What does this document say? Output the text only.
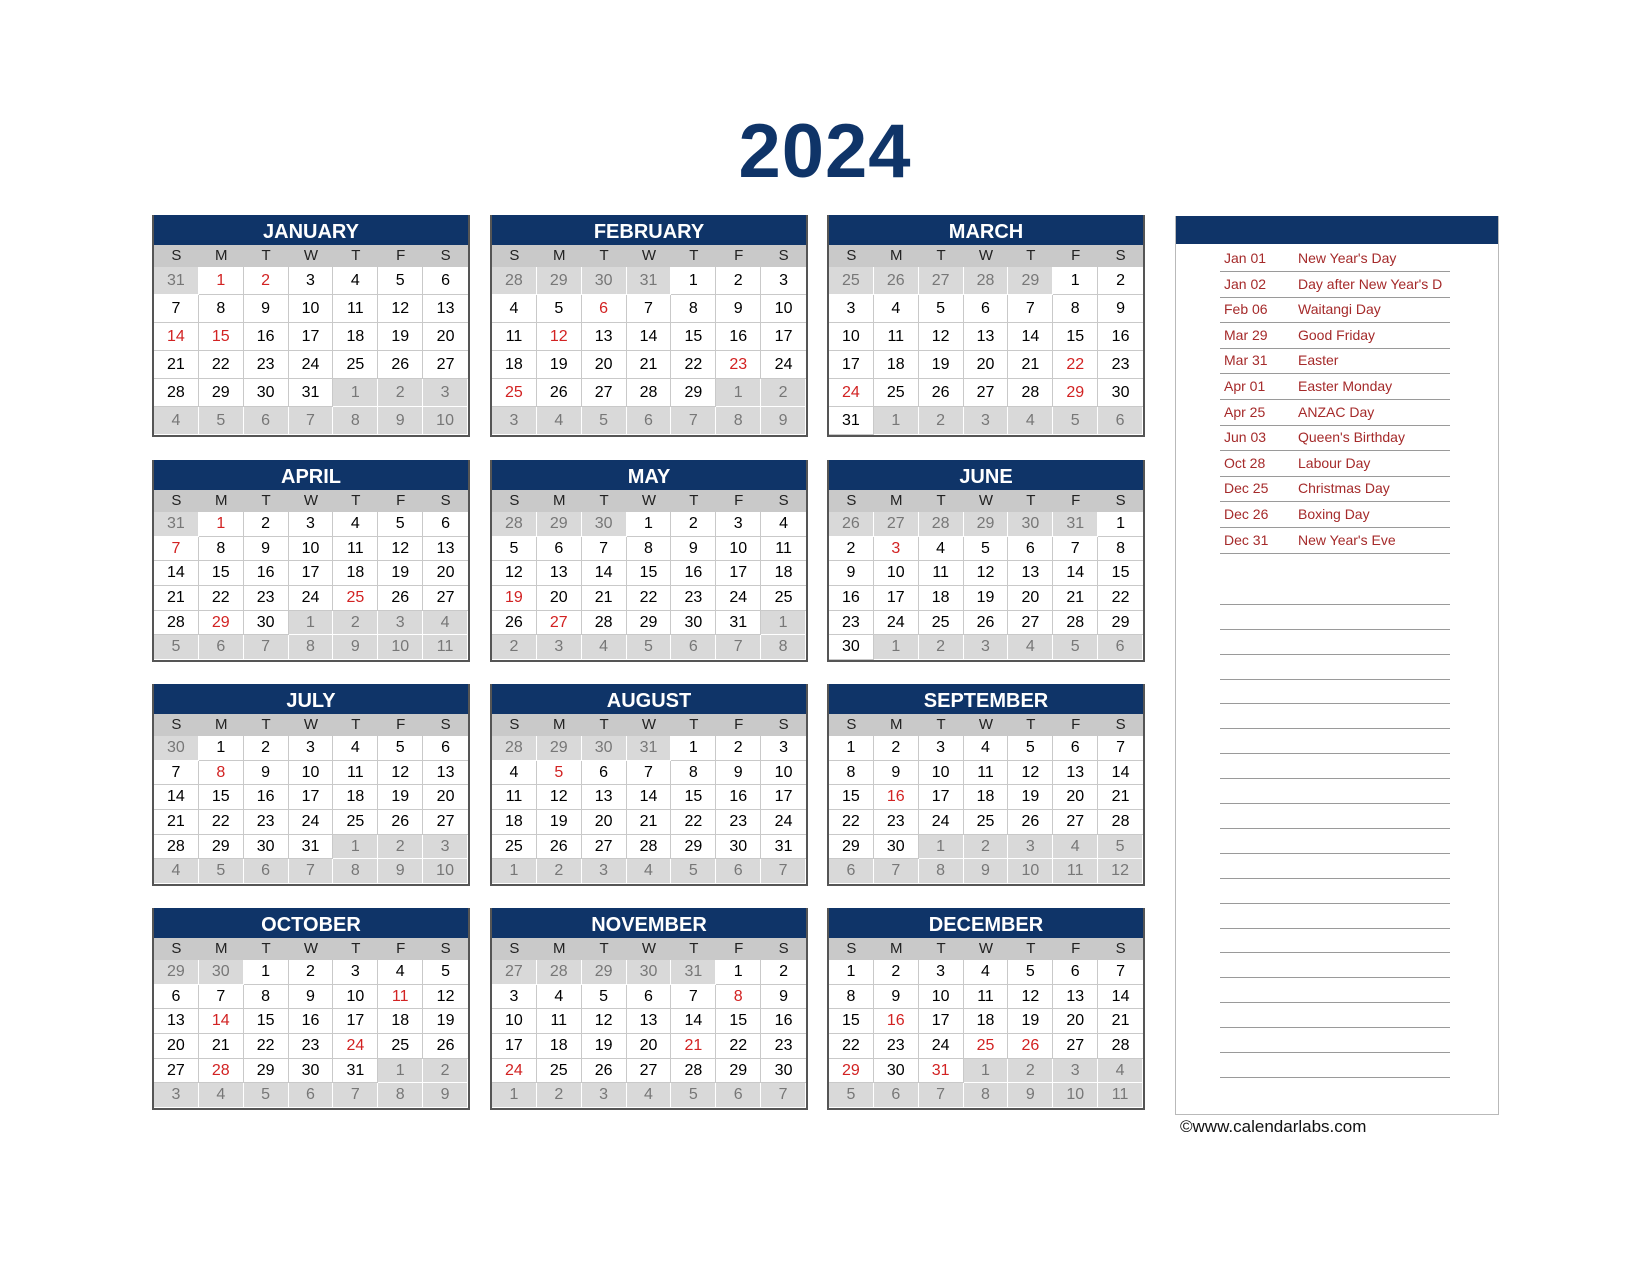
2024
JANUARY
S	M	T	W	T	F	S
31	1	2	3	4	5	6
7	8	9	10	11	12	13
14	15	16	17	18	19	20
21	22	23	24	25	26	27
28	29	30	31	1	2	3
4	5	6	7	8	9	10
FEBRUARY
S	M	T	W	T	F	S
28	29	30	31	1	2	3
4	5	6	7	8	9	10
11	12	13	14	15	16	17
18	19	20	21	22	23	24
25	26	27	28	29	1	2
3	4	5	6	7	8	9
MARCH
S	M	T	W	T	F	S
25	26	27	28	29	1	2
3	4	5	6	7	8	9
10	11	12	13	14	15	16
17	18	19	20	21	22	23
24	25	26	27	28	29	30
31	1	2	3	4	5	6
APRIL
S	M	T	W	T	F	S
31	1	2	3	4	5	6
7	8	9	10	11	12	13
14	15	16	17	18	19	20
21	22	23	24	25	26	27
28	29	30	1	2	3	4
5	6	7	8	9	10	11
MAY
S	M	T	W	T	F	S
28	29	30	1	2	3	4
5	6	7	8	9	10	11
12	13	14	15	16	17	18
19	20	21	22	23	24	25
26	27	28	29	30	31	1
2	3	4	5	6	7	8
JUNE
S	M	T	W	T	F	S
26	27	28	29	30	31	1
2	3	4	5	6	7	8
9	10	11	12	13	14	15
16	17	18	19	20	21	22
23	24	25	26	27	28	29
30	1	2	3	4	5	6
JULY
S	M	T	W	T	F	S
30	1	2	3	4	5	6
7	8	9	10	11	12	13
14	15	16	17	18	19	20
21	22	23	24	25	26	27
28	29	30	31	1	2	3
4	5	6	7	8	9	10
AUGUST
S	M	T	W	T	F	S
28	29	30	31	1	2	3
4	5	6	7	8	9	10
11	12	13	14	15	16	17
18	19	20	21	22	23	24
25	26	27	28	29	30	31
1	2	3	4	5	6	7
SEPTEMBER
S	M	T	W	T	F	S
1	2	3	4	5	6	7
8	9	10	11	12	13	14
15	16	17	18	19	20	21
22	23	24	25	26	27	28
29	30	1	2	3	4	5
6	7	8	9	10	11	12
OCTOBER
S	M	T	W	T	F	S
29	30	1	2	3	4	5
6	7	8	9	10	11	12
13	14	15	16	17	18	19
20	21	22	23	24	25	26
27	28	29	30	31	1	2
3	4	5	6	7	8	9
NOVEMBER
S	M	T	W	T	F	S
27	28	29	30	31	1	2
3	4	5	6	7	8	9
10	11	12	13	14	15	16
17	18	19	20	21	22	23
24	25	26	27	28	29	30
1	2	3	4	5	6	7
DECEMBER
S	M	T	W	T	F	S
1	2	3	4	5	6	7
8	9	10	11	12	13	14
15	16	17	18	19	20	21
22	23	24	25	26	27	28
29	30	31	1	2	3	4
5	6	7	8	9	10	11
Jan 01 New Year's Day
Jan 02 Day after New Year's D
Feb 06 Waitangi Day
Mar 29 Good Friday
Mar 31 Easter
Apr 01 Easter Monday
Apr 25 ANZAC Day
Jun 03 Queen's Birthday
Oct 28 Labour Day
Dec 25 Christmas Day
Dec 26 Boxing Day
Dec 31 New Year's Eve
©www.calendarlabs.com
